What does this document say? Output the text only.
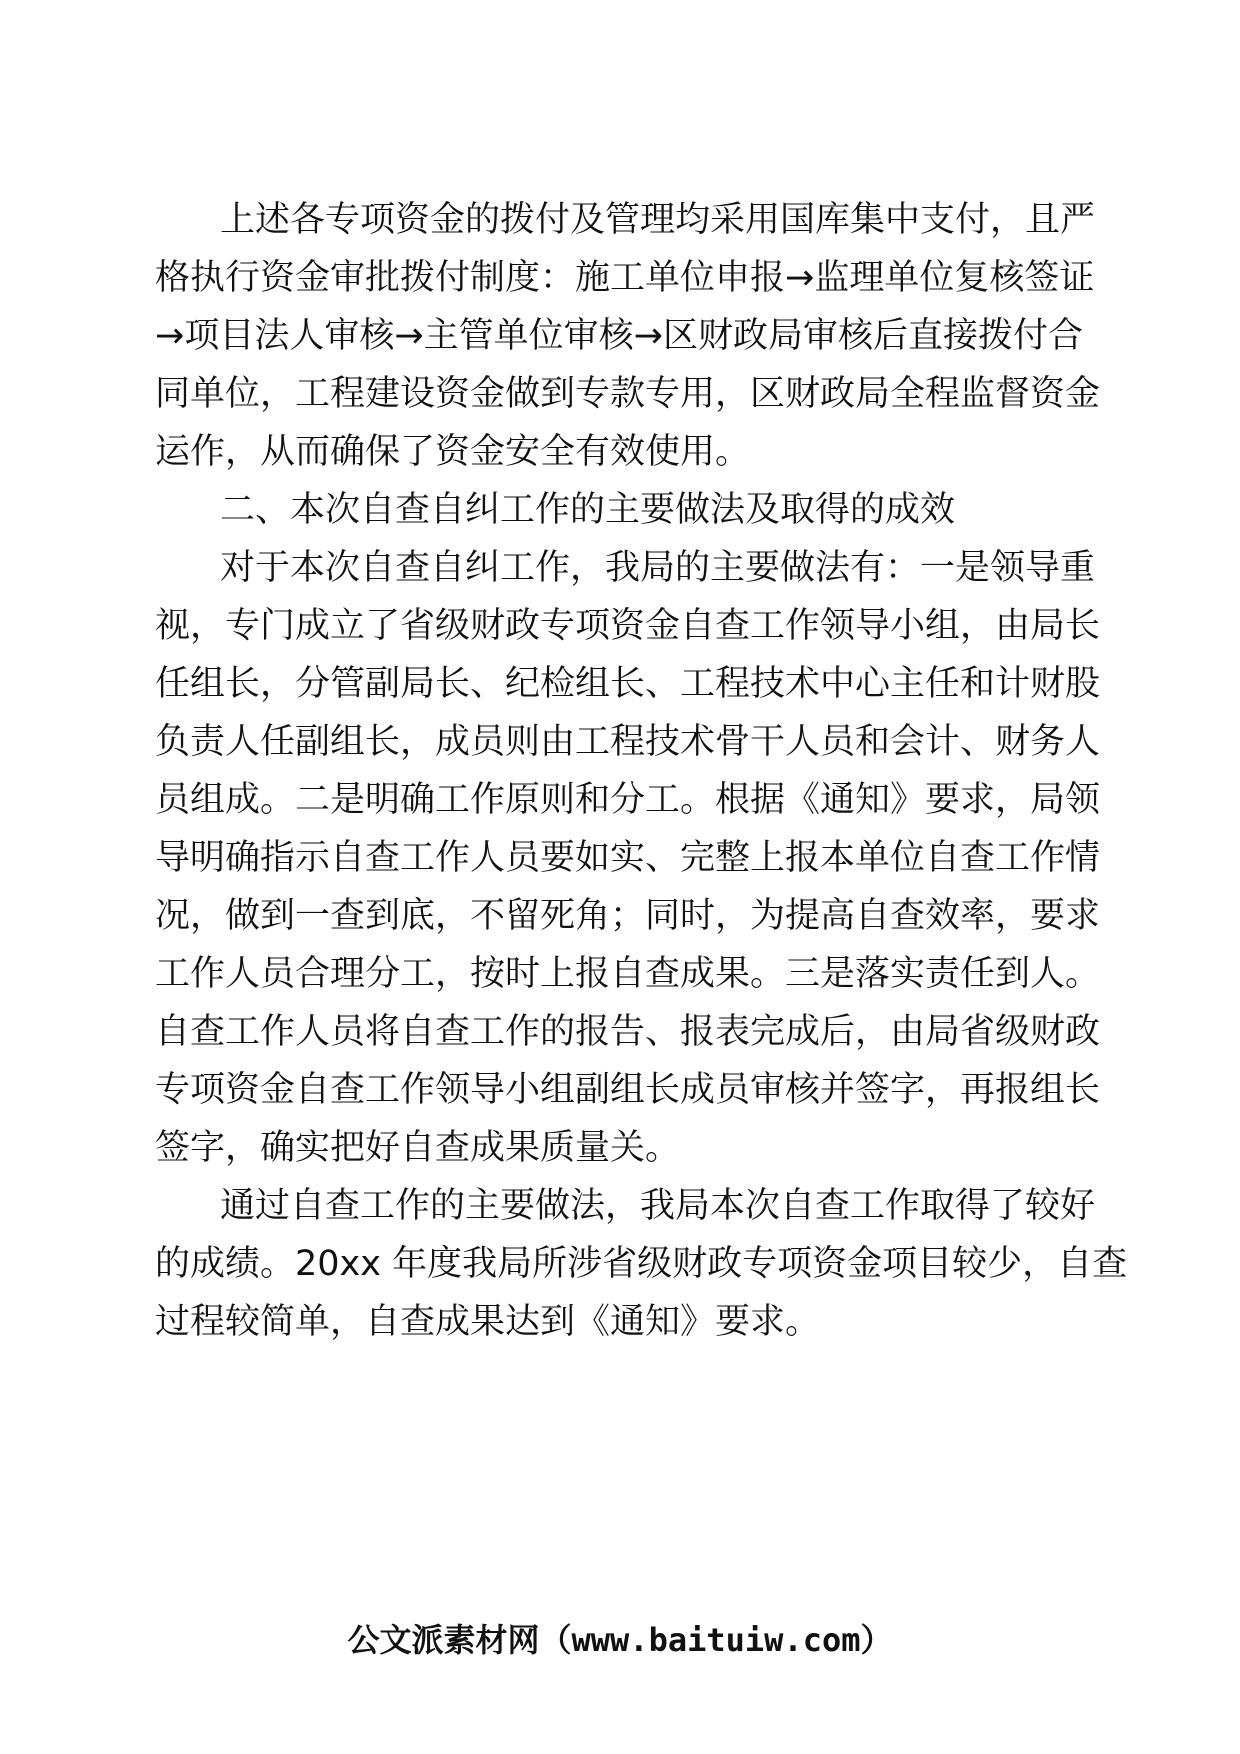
上述各专项资金的拨付及管理均采用国库集中支付，且严
格执行资金审批拨付制度：施工单位申报→监理单位复核签证
→项目法人审核→主管单位审核→区财政局审核后直接拨付合
同单位，工程建设资金做到专款专用，区财政局全程监督资金
运作，从而确保了资金安全有效使用。
二、本次自查自纠工作的主要做法及取得的成效
对于本次自查自纠工作，我局的主要做法有：一是领导重
视，专门成立了省级财政专项资金自查工作领导小组，由局长
任组长，分管副局长、纪检组长、工程技术中心主任和计财股
负责人任副组长，成员则由工程技术骨干人员和会计、财务人
员组成。二是明确工作原则和分工。根据《通知》要求，局领
导明确指示自查工作人员要如实、完整上报本单位自查工作情
况，做到一查到底，不留死角；同时，为提高自查效率，要求
工作人员合理分工，按时上报自查成果。三是落实责任到人。
自查工作人员将自查工作的报告、报表完成后，由局省级财政
专项资金自查工作领导小组副组长成员审核并签字，再报组长
签字，确实把好自查成果质量关。
通过自查工作的主要做法，我局本次自查工作取得了较好
的成绩。20xx 年度我局所涉省级财政专项资金项目较少，自查
过程较简单，自查成果达到《通知》要求。
公文派素材网（www.baituiw.com）
